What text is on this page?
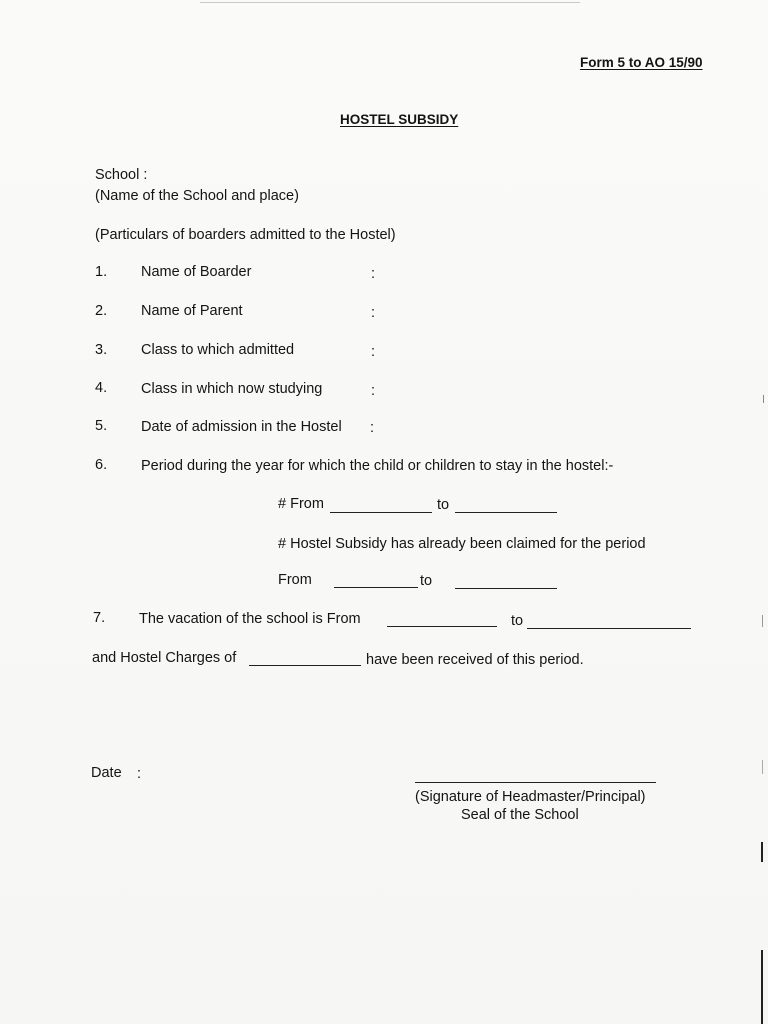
Form 5 to AO 15/90
HOSTEL SUBSIDY
School :
(Name of the School and place)
(Particulars of boarders admitted to the Hostel)
1. Name of Boarder	:
2. Name of Parent	:
3. Class to which admitted	:
4. Class in which now studying	:
5. Date of admission in the Hostel :
6. Period during the year for which the child or children to stay in the hostel:-
# From	to
# Hostel Subsidy has already been claimed for the period
From	to
7. The vacation of the school is From	to
and Hostel Charges of	have been received of this period.
Date :
(Signature of Headmaster/Principal)
Seal of the School
